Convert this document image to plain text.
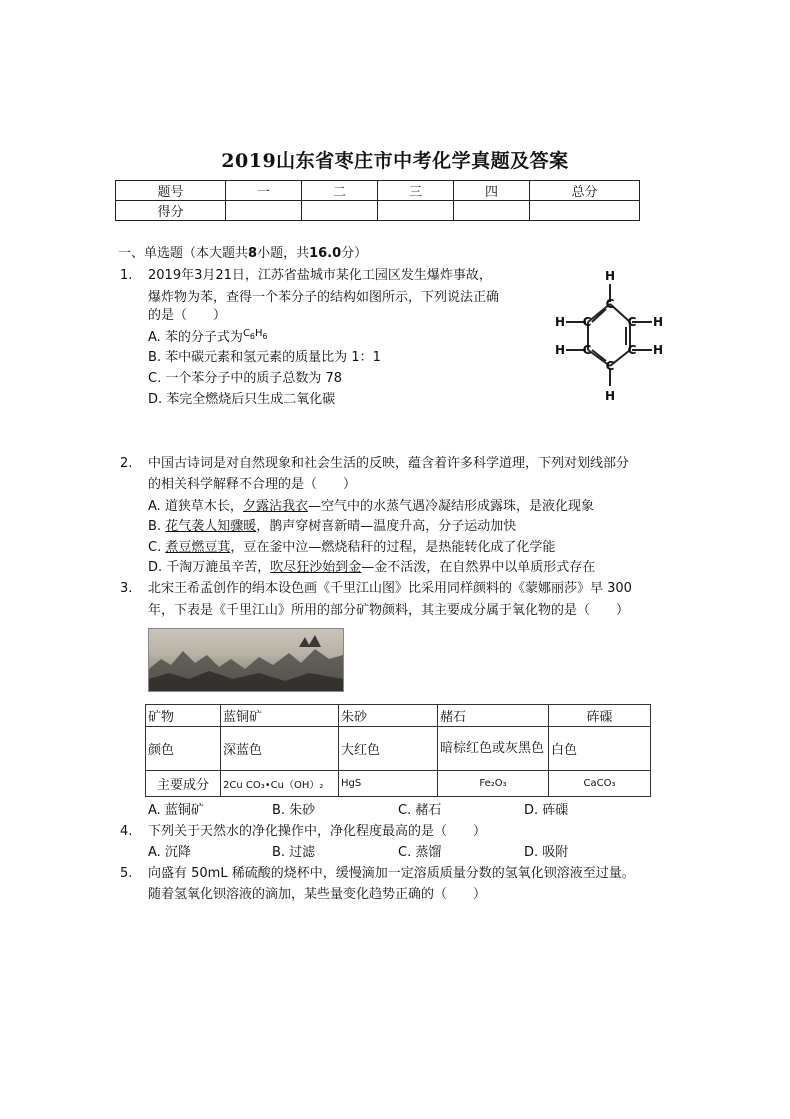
2019山东省枣庄市中考化学真题及答案
题号	一	二	三	四	总分
得分					
一、单选题（本大题共8小题，共16.0分）
1. 2019年3月21日，江苏省盐城市某化工园区发生爆炸事故，
爆炸物为苯，查得一个苯分子的结构如图所示，下列说法正确
的是（　　）
A. 苯的分子式为$^{C_6H_6}$
B. 苯中碳元素和氢元素的质量比为 1：1
C. 一个苯分子中的质子总数为 78
D. 苯完全燃烧后只生成二氧化碳
C
C
C
C
C
C
H
H
H
H
H
H
2. 中国古诗词是对自然现象和社会生活的反映，蕴含着许多科学道理，下列对划线部分
的相关科学解释不合理的是（　　）
A. 道狭草木长，夕露沾我衣—空气中的水蒸气遇冷凝结形成露珠，是液化现象
B. 花气袭人知骤暖，鹊声穿树喜新晴—温度升高，分子运动加快
C. 煮豆燃豆萁，豆在釜中泣—燃烧秸秆的过程，是热能转化成了化学能
D. 千淘万漉虽辛苦，吹尽狂沙始到金—金不活泼，在自然界中以单质形式存在
3. 北宋王希孟创作的绢本设色画《千里江山图》比采用同样颜料的《蒙娜丽莎》早 300
年，下表是《千里江山》所用的部分矿物颜料，其主要成分属于氧化物的是（　　）
矿物	蓝铜矿	朱砂	赭石	砗磲
颜色	深蓝色	大红色	暗棕红色或灰黑色	白色
主要成分	2Cu CO₃•Cu（OH）₂	HgS	Fe₂O₃	CaCO₃
A. 蓝铜矿	B. 朱砂	C. 赭石	D. 砗磲
4. 下列关于天然水的净化操作中，净化程度最高的是（　　）
A. 沉降	B. 过滤	C. 蒸馏	D. 吸附
5. 向盛有 50mL 稀硫酸的烧杯中，缓慢滴加一定溶质质量分数的氢氧化钡溶液至过量。
随着氢氧化钡溶液的滴加，某些量变化趋势正确的（　　）
